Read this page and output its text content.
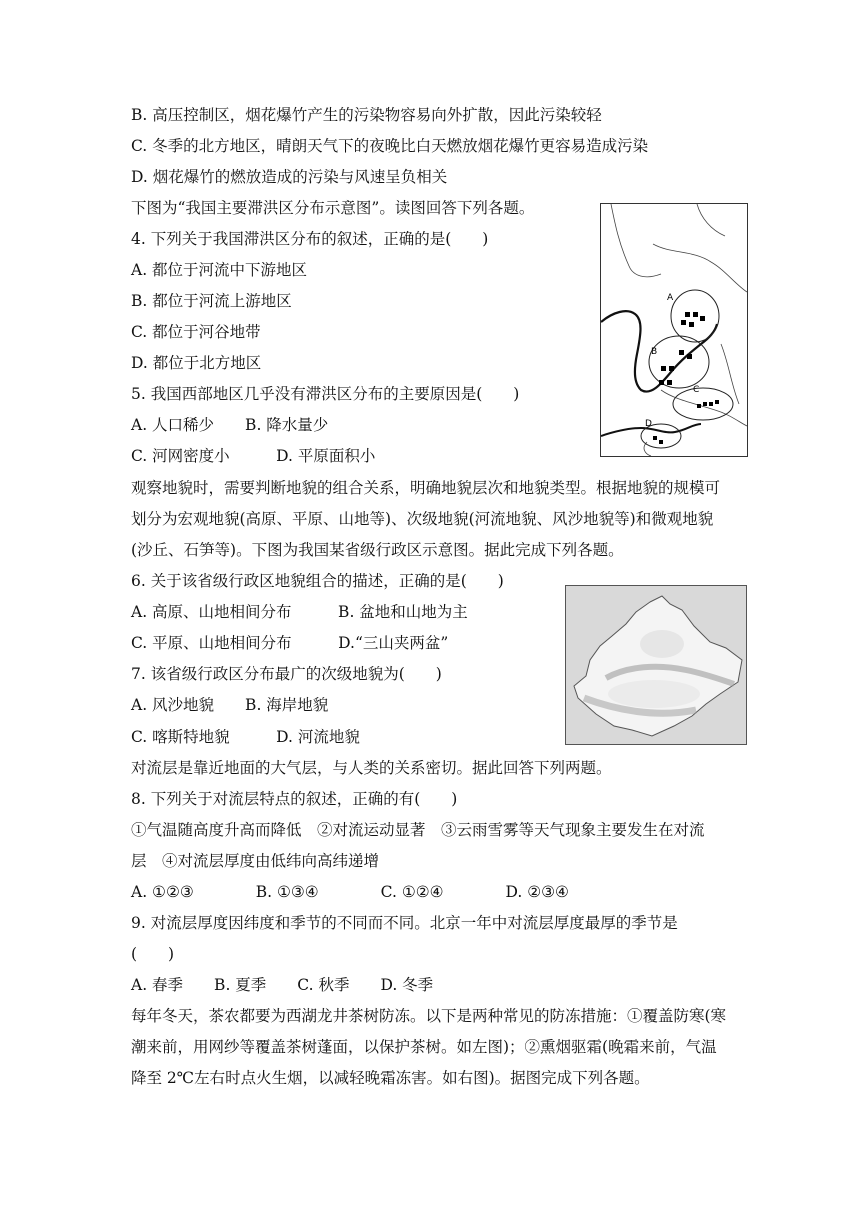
B. 高压控制区，烟花爆竹产生的污染物容易向外扩散，因此污染较轻
C. 冬季的北方地区，晴朗天气下的夜晚比白天燃放烟花爆竹更容易造成污染
D. 烟花爆竹的燃放造成的污染与风速呈负相关
下图为“我国主要滞洪区分布示意图”。读图回答下列各题。
4. 下列关于我国滞洪区分布的叙述，正确的是(　　)
A. 都位于河流中下游地区
B. 都位于河流上游地区
C. 都位于河谷地带
D. 都位于北方地区
5. 我国西部地区几乎没有滞洪区分布的主要原因是(　　)
A. 人口稀少　　B. 降水量少
C. 河网密度小　　　D. 平原面积小
观察地貌时，需要判断地貌的组合关系，明确地貌层次和地貌类型。根据地貌的规模可
划分为宏观地貌(高原、平原、山地等)、次级地貌(河流地貌、风沙地貌等)和微观地貌
(沙丘、石笋等)。下图为我国某省级行政区示意图。据此完成下列各题。
6. 关于该省级行政区地貌组合的描述，正确的是(　　)
A. 高原、山地相间分布　　　B. 盆地和山地为主
C. 平原、山地相间分布　　　D.“三山夹两盆”
7. 该省级行政区分布最广的次级地貌为(　　)
A. 风沙地貌　　B. 海岸地貌
C. 喀斯特地貌　　　D. 河流地貌
对流层是靠近地面的大气层，与人类的关系密切。据此回答下列两题。
8. 下列关于对流层特点的叙述，正确的有(　　)
①气温随高度升高而降低　②对流运动显著　③云雨雪雾等天气现象主要发生在对流
层　④对流层厚度由低纬向高纬递增
A. ①②③　　　　B. ①③④　　　　C. ①②④　　　　D. ②③④
9. 对流层厚度因纬度和季节的不同而不同。北京一年中对流层厚度最厚的季节是
(　　)
A. 春季　　B. 夏季　　C. 秋季　　D. 冬季
每年冬天，茶农都要为西湖龙井茶树防冻。以下是两种常见的防冻措施：①覆盖防寒(寒
潮来前，用网纱等覆盖茶树蓬面，以保护茶树。如左图)；②熏烟驱霜(晚霜来前，气温
降至 2℃左右时点火生烟，以减轻晚霜冻害。如右图)。据图完成下列各题。
A
B
C
D
